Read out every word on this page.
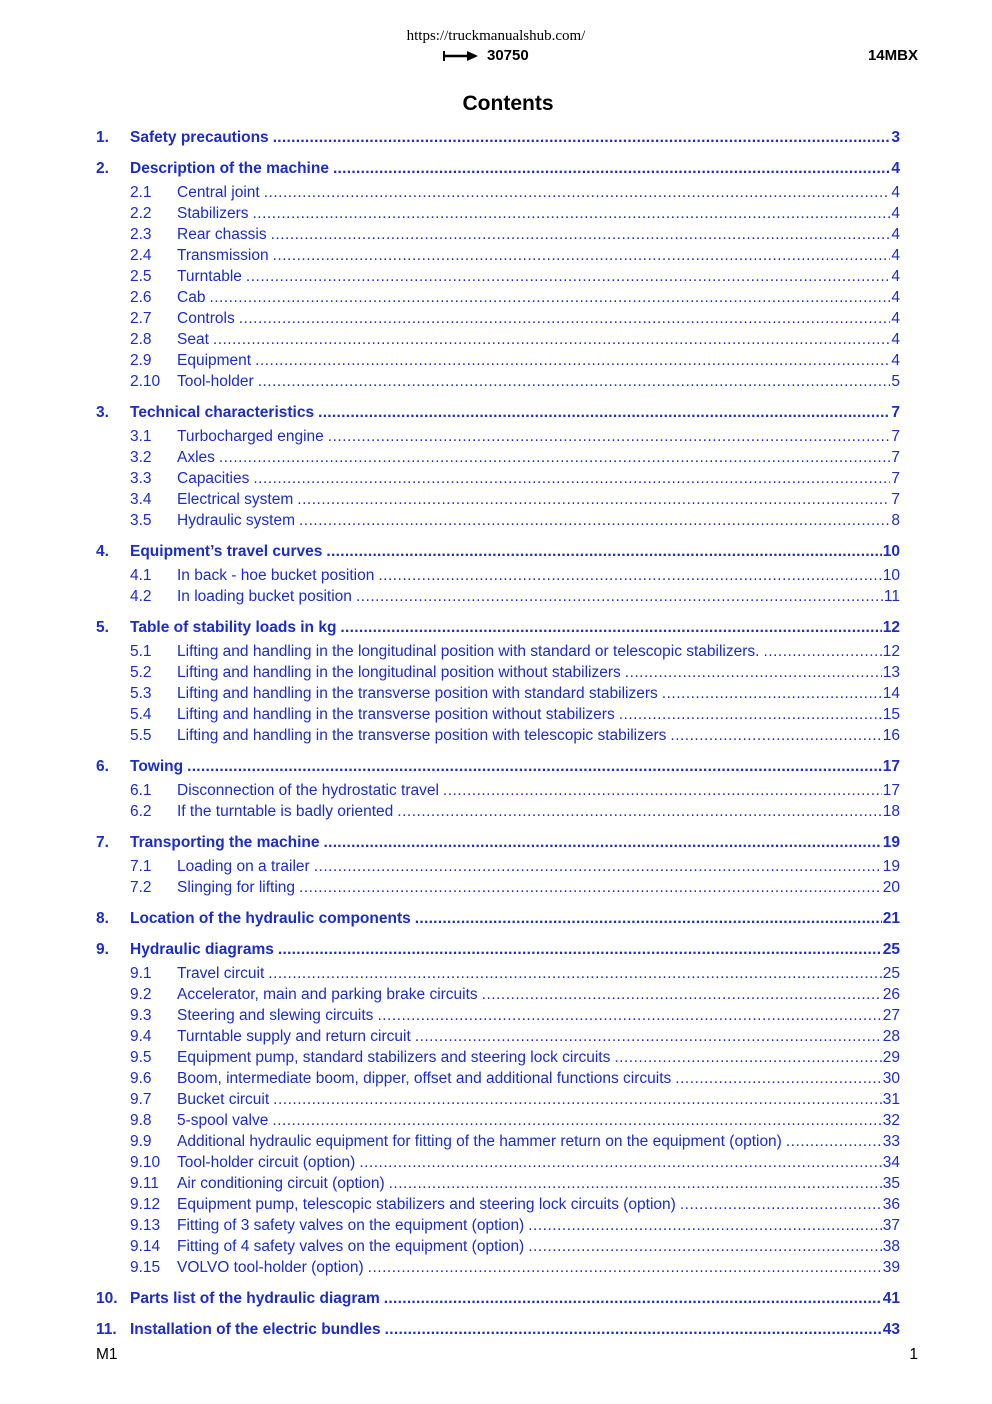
https://truckmanualshub.com/
30750	14MBX
Contents
1.	Safety precautions .....	3
2.	Description of the machine .....	4
2.1	Central joint .....	4
2.2	Stabilizers .....	4
2.3	Rear chassis .....	4
2.4	Transmission .....	4
2.5	Turntable .....	4
2.6	Cab .....	4
2.7	Controls .....	4
2.8	Seat .....	4
2.9	Equipment .....	4
2.10	Tool-holder .....	5
3.	Technical characteristics .....	7
3.1	Turbocharged engine .....	7
3.2	Axles .....	7
3.3	Capacities .....	7
3.4	Electrical system .....	7
3.5	Hydraulic system .....	8
4.	Equipment’s travel curves .....	10
4.1	In back - hoe bucket position .....	10
4.2	In loading bucket position .....	11
5.	Table of stability loads in kg .....	12
5.1	Lifting and handling in the longitudinal position with standard or telescopic stabilizers. .....	12
5.2	Lifting and handling in the longitudinal position without stabilizers .....	13
5.3	Lifting and handling in the transverse position with standard stabilizers .....	14
5.4	Lifting and handling in the transverse position without stabilizers .....	15
5.5	Lifting and handling in the transverse position with telescopic stabilizers .....	16
6.	Towing .....	17
6.1	Disconnection of the hydrostatic travel .....	17
6.2	If the turntable is badly oriented .....	18
7.	Transporting the machine .....	19
7.1	Loading on a trailer .....	19
7.2	Slinging for lifting .....	20
8.	Location of the hydraulic components .....	21
9.	Hydraulic diagrams .....	25
9.1	Travel circuit .....	25
9.2	Accelerator, main and parking brake circuits .....	26
9.3	Steering and slewing circuits .....	27
9.4	Turntable supply and return circuit .....	28
9.5	Equipment pump, standard stabilizers and steering lock circuits .....	29
9.6	Boom, intermediate boom, dipper, offset and additional functions circuits .....	30
9.7	Bucket circuit .....	31
9.8	5-spool valve .....	32
9.9	Additional hydraulic equipment for fitting of the hammer return on the equipment (option) .....	33
9.10	Tool-holder circuit (option) .....	34
9.11	Air conditioning circuit (option) .....	35
9.12	Equipment pump, telescopic stabilizers and steering lock circuits (option) .....	36
9.13	Fitting of 3 safety valves on the equipment (option) .....	37
9.14	Fitting of 4 safety valves on the equipment (option) .....	38
9.15	VOLVO tool-holder (option) .....	39
10. Parts list of the hydraulic diagram .....	41
11. Installation of the electric bundles .....	43
M1	1
